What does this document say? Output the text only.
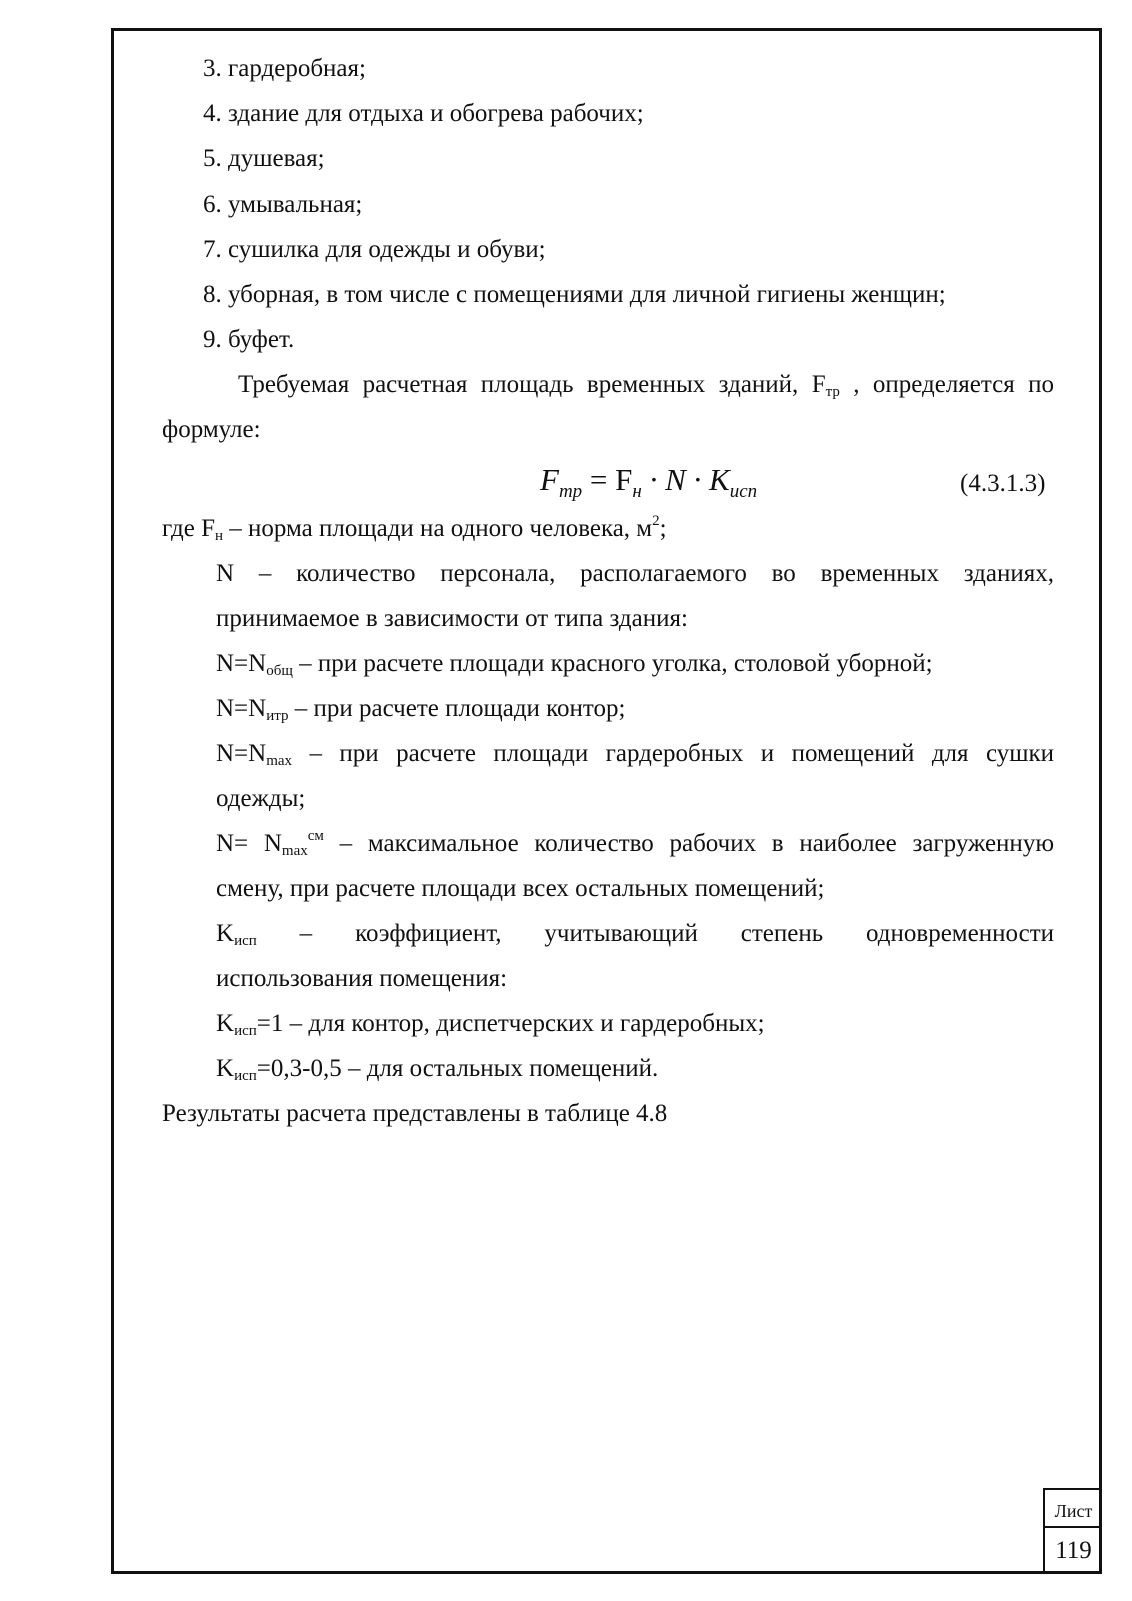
3. гардеробная;
4. здание для отдыха и обогрева рабочих;
5. душевая;
6. умывальная;
7. сушилка для одежды и обуви;
8. уборная, в том числе с помещениями для личной гигиены женщин;
9. буфет.
Требуемая расчетная площадь временных зданий, $F_{тр}$ , определяется по
формуле:
$F_{тр} = F_н \cdot N \cdot K_{исп}$	(4.3.1.3)
где $F_н$ – норма площади на одного человека, $м^2$;
N – количество персонала, располагаемого во временных зданиях,
принимаемое в зависимости от типа здания:
$N=N_{общ}$ – при расчете площади красного уголка, столовой уборной;
$N=N_{итр}$ – при расчете площади контор;
$N=N_{max}$ – при расчете площади гардеробных и помещений для сушки
одежды;
$N= N_{max}^{см}$ – максимальное количество рабочих в наиболее загруженную
смену, при расчете площади всех остальных помещений;
$K_{исп}$ – коэффициент, учитывающий степень одновременности
использования помещения:
$K_{исп}=1$ – для контор, диспетчерских и гардеробных;
$K_{исп}=0,3-0,5$ – для остальных помещений.
Результаты расчета представлены в таблице 4.8
Лист
119
